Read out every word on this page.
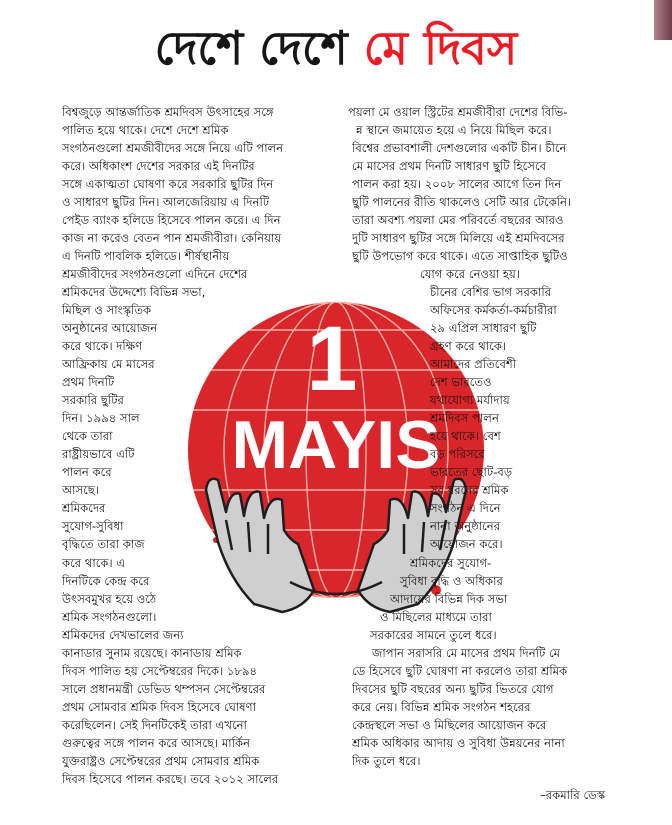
দেশে দেশে মে দিবস
1
MAYIS
বিশ্বজুড়ে আন্তর্জাতিক শ্রমদিবস উৎসাহের সঙ্গে
পালিত হয়ে থাকে। দেশে দেশে শ্রমিক
সংগঠনগুলো শ্রমজীবীদের সঙ্গে নিয়ে এটি পালন
করে। অধিকাংশ দেশের সরকার এই দিনটির
সঙ্গে একাত্মতা ঘোষণা করে সরকারি ছুটির দিন
ও সাধারণ ছুটির দিন। আলজেরিয়ায় এ দিনটি
পেইড ব্যাংক হলিডে হিসেবে পালন করে। এ দিন
কাজ না করেও বেতন পান শ্রমজীবীরা। কেনিয়ায়
এ দিনটি পাবলিক হলিডে। শীর্ষস্থানীয়
শ্রমজীবীদের সংগঠনগুলো এদিনে দেশের
শ্রমিকদের উদ্দেশ্যে বিভিন্ন সভা,
মিছিল ও সাংস্কৃতিক
অনুষ্ঠানের আয়োজন
করে থাকে। দক্ষিণ
আফ্রিকায় মে মাসের
প্রথম দিনটি
সরকারি ছুটির
দিন। ১৯৯৪ সাল
থেকে তারা
রাষ্ট্রীয়ভাবে এটি
পালন করে
আসছে।
শ্রমিকদের
সুযোগ-সুবিধা
বৃদ্ধিতে তারা কাজ
করে থাকে। এ
দিনটিকে কেন্দ্র করে
উৎসবমুখর হয়ে ওঠে
শ্রমিক সংগঠনগুলো।
শ্রমিকদের দেখভালের জন্য
কানাডার সুনাম রয়েছে। কানাডায় শ্রমিক
দিবস পালিত হয় সেপ্টেম্বরের দিকে। ১৮৯৪
সালে প্রধানমন্ত্রী ডেভিড থম্পসন সেপ্টেম্বরের
প্রথম সোমবার শ্রমিক দিবস হিসেবে ঘোষণা
করেছিলেন। সেই দিনটিকেই তারা এখনো
গুরুত্বের সঙ্গে পালন করে আসছে। মার্কিন
যুক্তরাষ্ট্রও সেপ্টেম্বরের প্রথম সোমবার শ্রমিক
দিবস হিসেবে পালন করছে। তবে ২০১২ সালের
পয়লা মে ওয়াল স্ট্রিটের শ্রমজীবীরা দেশের বিভি-
ন্ন স্থানে জমায়েত হয়ে এ নিয়ে মিছিল করে।
বিশ্বের প্রভাবশালী দেশগুলোর একটি চীন। চীনে
মে মাসের প্রথম দিনটি সাধারণ ছুটি হিসেবে
পালন করা হয়। ২০০৮ সালের আগে তিন দিন
ছুটি পালনের রীতি থাকলেও সেটি আর টেকেনি।
তারা অবশ্য পয়লা মের পরিবর্তে বছরের আরও
দুটি সাধারণ ছুটির সঙ্গে মিলিয়ে এই শ্রমদিবসের
ছুটি উপভোগ করে থাকে। এতে সাপ্তাহিক ছুটিও
যোগ করে নেওয়া হয়।
চীনের বেশির ভাগ সরকারি
অফিসের কর্মকর্তা-কর্মচারীরা
২৯ এপ্রিল সাধারণ ছুটি
গ্রহণ করে থাকে।
আমাদের প্রতিবেশী
দেশ ভারতেও
যথাযোগ্য মর্যাদায়
শ্রমদিবস পালন
হয়ে থাকে। বেশ
বড় পরিসরে
ভারতের ছোট-বড়
সব ধরনের শ্রমিক
সংগঠন এ দিনে
নানা অনুষ্ঠানের
আয়োজন করে।
শ্রমিকদের সুযোগ-
সুবিধা বৃদ্ধি ও অধিকার
আদায়ের বিভিন্ন দিক সভা
ও মিছিলের মাধ্যমে তারা
সরকারের সামনে তুলে ধরে।
জাপান সরাসরি মে মাসের প্রথম দিনটি মে
ডে হিসেবে ছুটি ঘোষণা না করলেও তারা শ্রমিক
দিবসের ছুটি বছরের অন্য ছুটির ভিতরে যোগ
করে নেয়। বিভিন্ন শ্রমিক সংগঠন শহরের
কেন্দ্রস্থলে সভা ও মিছিলের আয়োজন করে
শ্রমিক অধিকার আদায় ও সুবিধা উন্নয়নের নানা
দিক তুলে ধরে।
–রকমারি ডেস্ক
